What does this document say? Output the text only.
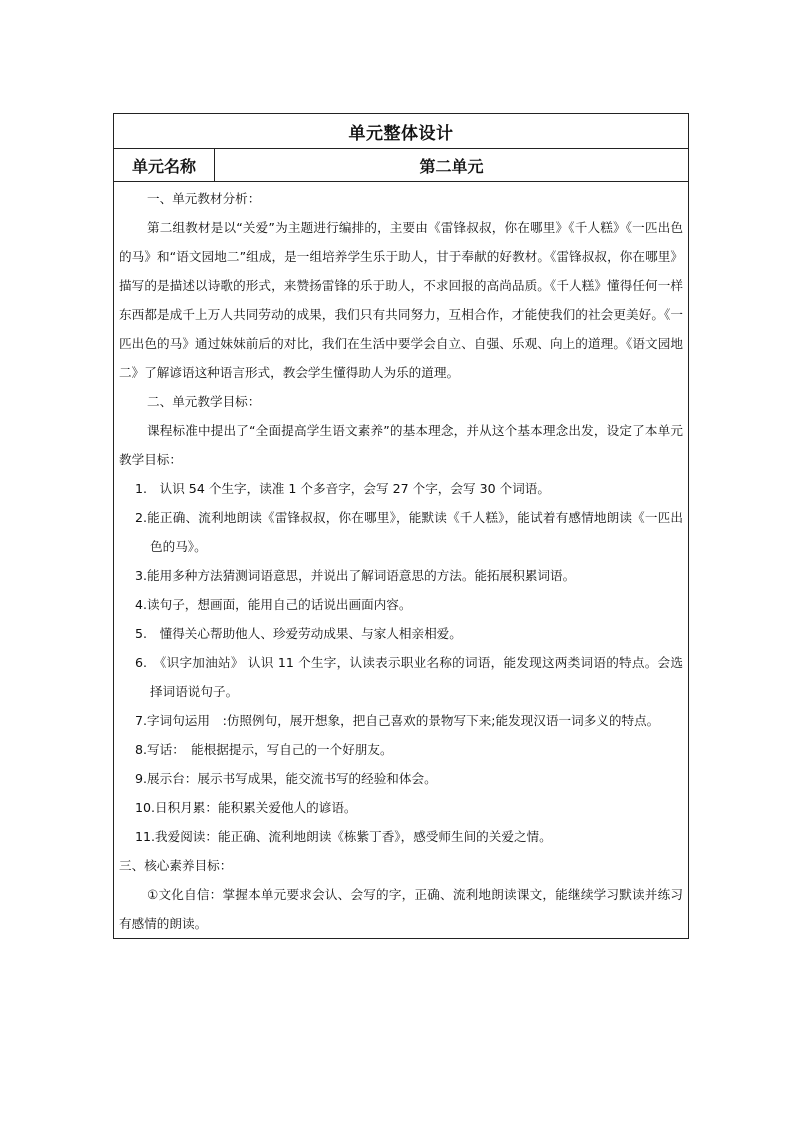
单元整体设计
单元名称	第二单元

一、单元教材分析：

第二组教材是以“关爱”为主题进行编排的，主要由《雷锋叔叔，你在哪里》《千人糕》《一匹出色的马》和“语文园地二”组成，是一组培养学生乐于助人，甘于奉献的好教材。《雷锋叔叔，你在哪里》描写的是描述以诗歌的形式，来赞扬雷锋的乐于助人，不求回报的高尚品质。《千人糕》懂得任何一样东西都是成千上万人共同劳动的成果，我们只有共同努力，互相合作，才能使我们的社会更美好。《一匹出色的马》通过妹妹前后的对比，我们在生活中要学会自立、自强、乐观、向上的道理。《语文园地二》了解谚语这种语言形式，教会学生懂得助人为乐的道理。

二、单元教学目标：

课程标准中提出了“全面提高学生语文素养”的基本理念，并从这个基本理念出发，设定了本单元教学目标：

1.　认识 54 个生字，读准 1 个多音字，会写 27 个字，会写 30 个词语。

2.能正确、流利地朗读《雷锋叔叔，你在哪里》，能默读《千人糕》，能试着有感情地朗读《一匹出色的马》。

3.能用多种方法猜测词语意思，并说出了解词语意思的方法。能拓展积累词语。

4.读句子，想画面，能用自己的话说出画面内容。

5.　懂得关心帮助他人、珍爱劳动成果、与家人相亲相爱。

6.　《识字加油站》 认识 11 个生字，认读表示职业名称的词语，能发现这两类词语的特点。会选择词语说句子。

7.字词句运用　:仿照例句，展开想象，把自己喜欢的景物写下来;能发现汉语一词多义的特点。

8.写话：　能根据提示，写自己的一个好朋友。

9.展示台：展示书写成果，能交流书写的经验和体会。

10.日积月累：能积累关爱他人的谚语。

11.我爱阅读：能正确、流利地朗读《栋紫丁香》，感受师生间的关爱之情。

三、核心素养目标：

①文化自信：掌握本单元要求会认、会写的字，正确、流利地朗读课文，能继续学习默读并练习有感情的朗读。
